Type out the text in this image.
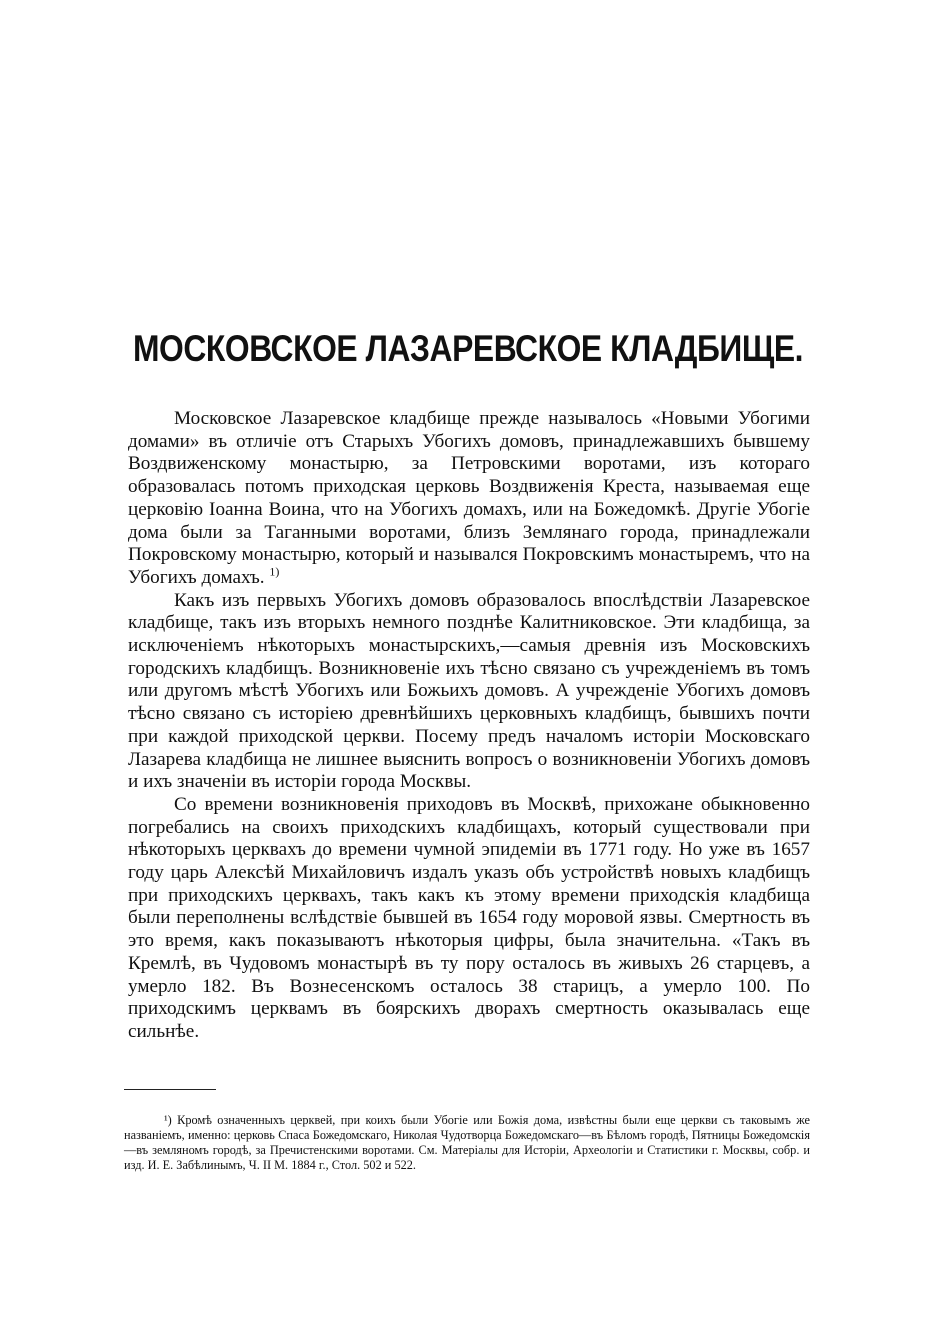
МОСКОВСКОЕ ЛАЗАРЕВСКОЕ КЛАДБИЩЕ.

Московское Лазаревское кладбище прежде называлось «Новыми Убогими домами» въ отличіе отъ Старыхъ Убогихъ домовъ, принадлежавшихъ бывшему Воздвиженскому монастырю, за Петровскими воротами, изъ котораго образовалась потомъ приходская церковь Воздвиженія Креста, называемая еще церковію Іоанна Воина, что на Убогихъ домахъ, или на Божедомкѣ. Другіе Убогіе дома были за Таганными воротами, близъ Землянаго города, принадлежали Покровскому монастырю, который и назывался Покровскимъ монастыремъ, что на Убогихъ домахъ. $^{1)}$

Какъ изъ первыхъ Убогихъ домовъ образовалось впослѣдствіи Лазаревское кладбище, такъ изъ вторыхъ немного позднѣе Калитниковское. Эти кладбища, за исключеніемъ нѣкоторыхъ монастырскихъ,—самыя древнія изъ Московскихъ городскихъ кладбищъ. Возникновеніе ихъ тѣсно связано съ учрежденіемъ въ томъ или другомъ мѣстѣ Убогихъ или Божьихъ домовъ. А учрежденіе Убогихъ домовъ тѣсно связано съ исторіею древнѣйшихъ церковныхъ кладбищъ, бывшихъ почти при каждой приходской церкви. Посему предъ началомъ исторіи Московскаго Лазарева кладбища не лишнее выяснить вопросъ о возникновеніи Убогихъ домовъ и ихъ значеніи въ исторіи города Москвы.

Со времени возникновенія приходовъ въ Москвѣ, прихожане обыкновенно погребались на своихъ приходскихъ кладбищахъ, который существовали при нѣкоторыхъ церквахъ до времени чумной эпидеміи въ 1771 году. Но уже въ 1657 году царь Алексѣй Михайловичъ издалъ указъ объ устройствѣ новыхъ кладбищъ при приходскихъ церквахъ, такъ какъ къ этому времени приходскія кладбища были переполнены вслѣдствіе бывшей въ 1654 году моровой язвы. Смертность въ это время, какъ показываютъ нѣкоторыя цифры, была значительна. «Такъ въ Кремлѣ, въ Чудовомъ монастырѣ въ ту пору осталось въ живыхъ 26 старцевъ, а умерло 182. Въ Вознесенскомъ осталось 38 старицъ, а умерло 100. По приходскимъ церквамъ въ боярскихъ дворахъ смертность оказывалась еще сильнѣе.

¹) Кромѣ означенныхъ церквей, при коихъ были Убогіе или Божія дома, извѣстны были еще церкви съ таковымъ же названіемъ, именно: церковь Спаса Божедомскаго, Николая Чудотворца Божедомскаго—въ Бѣломъ городѣ, Пятницы Божедомскія—въ земляномъ городѣ, за Пречистенскими воротами. См. Матеріалы для Исторіи, Археологіи и Статистики г. Москвы, собр. и изд. И. Е. Забѣлинымъ, Ч. II М. 1884 г., Стол. 502 и 522.
